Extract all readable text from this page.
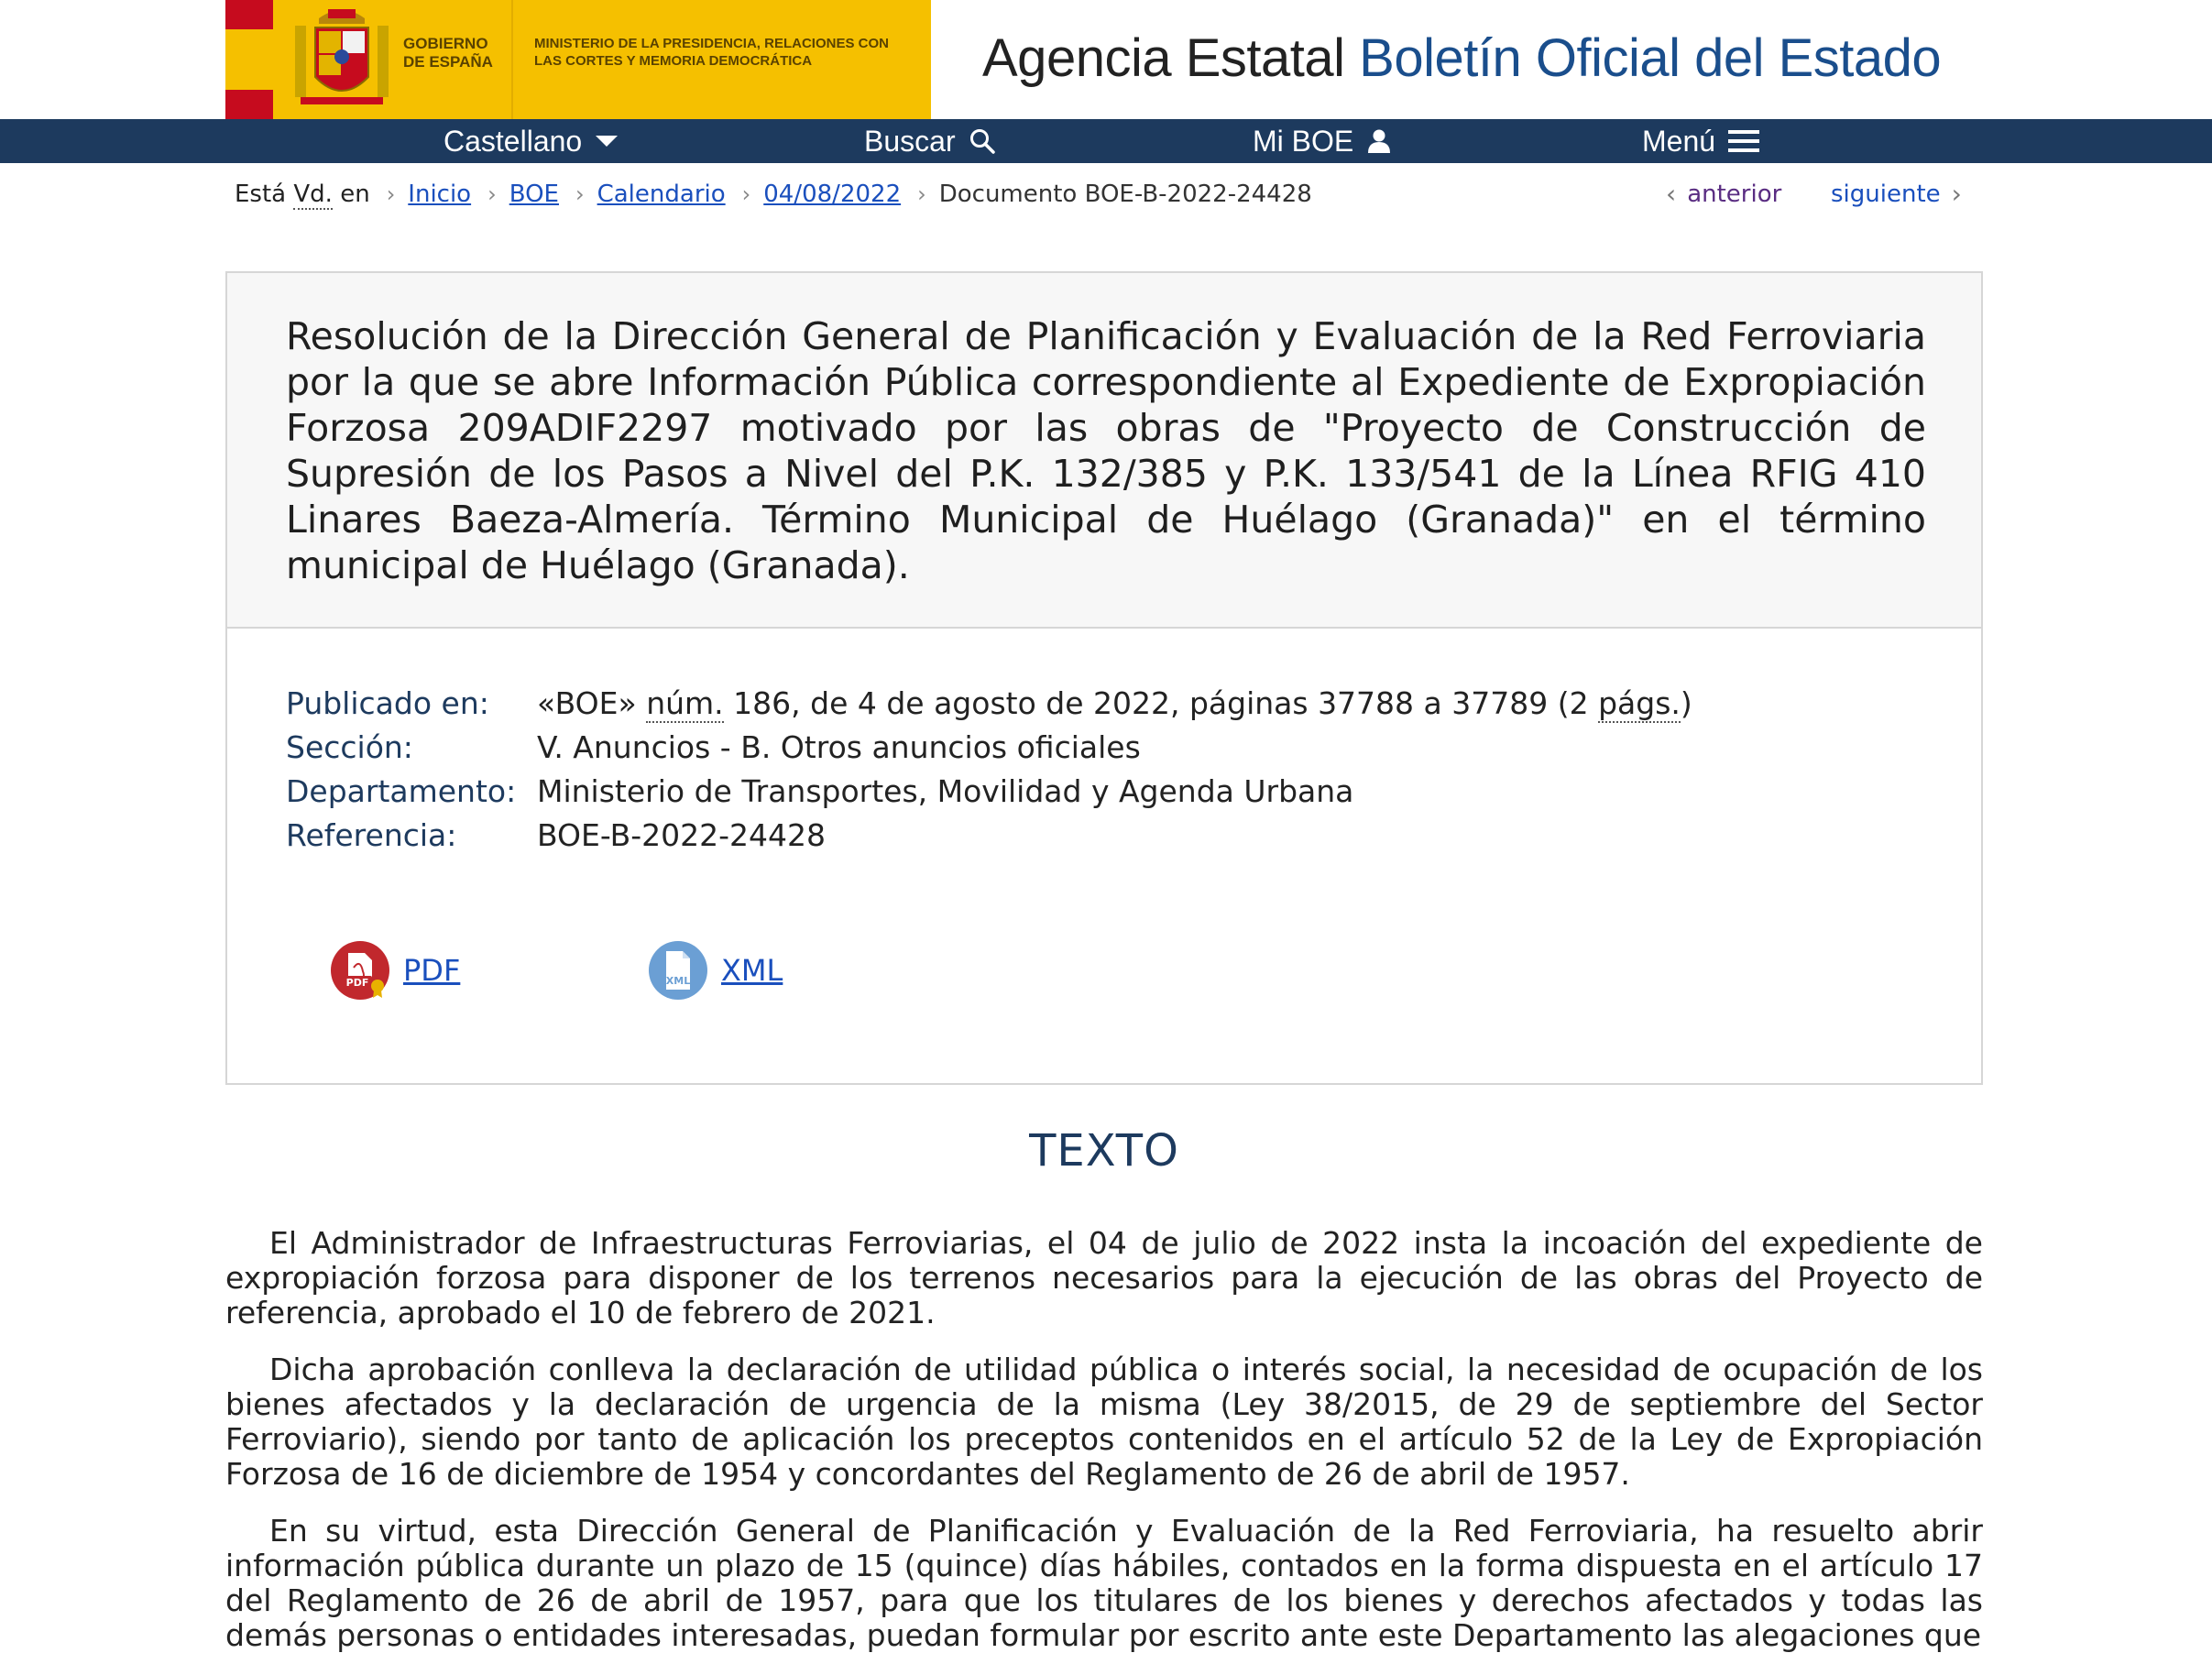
GOBIERNO DE ESPAÑA
MINISTERIO DE LA PRESIDENCIA, RELACIONES CON LAS CORTES Y MEMORIA DEMOCRÁTICA	Agencia Estatal Boletín Oficial del Estado
Castellano	Buscar	Mi BOE	Menú
Está Vd. en › Inicio › BOE › Calendario › 04/08/2022 › Documento BOE-B-2022-24428	‹ anterior siguiente ›
Resolución de la Dirección General de Planificación y Evaluación de la Red Ferroviaria por la que se abre Información Pública correspondiente al Expediente de Expropiación Forzosa 209ADIF2297 motivado por las obras de "Proyecto de Construcción de Supresión de los Pasos a Nivel del P.K. 132/385 y P.K. 133/541 de la Línea RFIG 410 Linares Baeza-Almería. Término Municipal de Huélago (Granada)" en el término municipal de Huélago (Granada).
Publicado en:	«BOE» núm. 186, de 4 de agosto de 2022, páginas 37788 a 37789 (2 págs.)
Sección:	V. Anuncios - B. Otros anuncios oficiales
Departamento: Ministerio de Transportes, Movilidad y Agenda Urbana
Referencia:	BOE-B-2022-24428
PDF PDF	XML XML
TEXTO

El Administrador de Infraestructuras Ferroviarias, el 04 de julio de 2022 insta la incoación del expediente de expropiación forzosa para disponer de los terrenos necesarios para la ejecución de las obras del Proyecto de referencia, aprobado el 10 de febrero de 2021.

Dicha aprobación conlleva la declaración de utilidad pública o interés social, la necesidad de ocupación de los bienes afectados y la declaración de urgencia de la misma (Ley 38/2015, de 29 de septiembre del Sector Ferroviario), siendo por tanto de aplicación los preceptos contenidos en el artículo 52 de la Ley de Expropiación Forzosa de 16 de diciembre de 1954 y concordantes del Reglamento de 26 de abril de 1957.

En su virtud, esta Dirección General de Planificación y Evaluación de la Red Ferroviaria, ha resuelto abrir información pública durante un plazo de 15 (quince) días hábiles, contados en la forma dispuesta en el artículo 17 del Reglamento de 26 de abril de 1957, para que los titulares de los bienes y derechos afectados y todas las demás personas o entidades interesadas, puedan formular por escrito ante este Departamento las alegaciones que
